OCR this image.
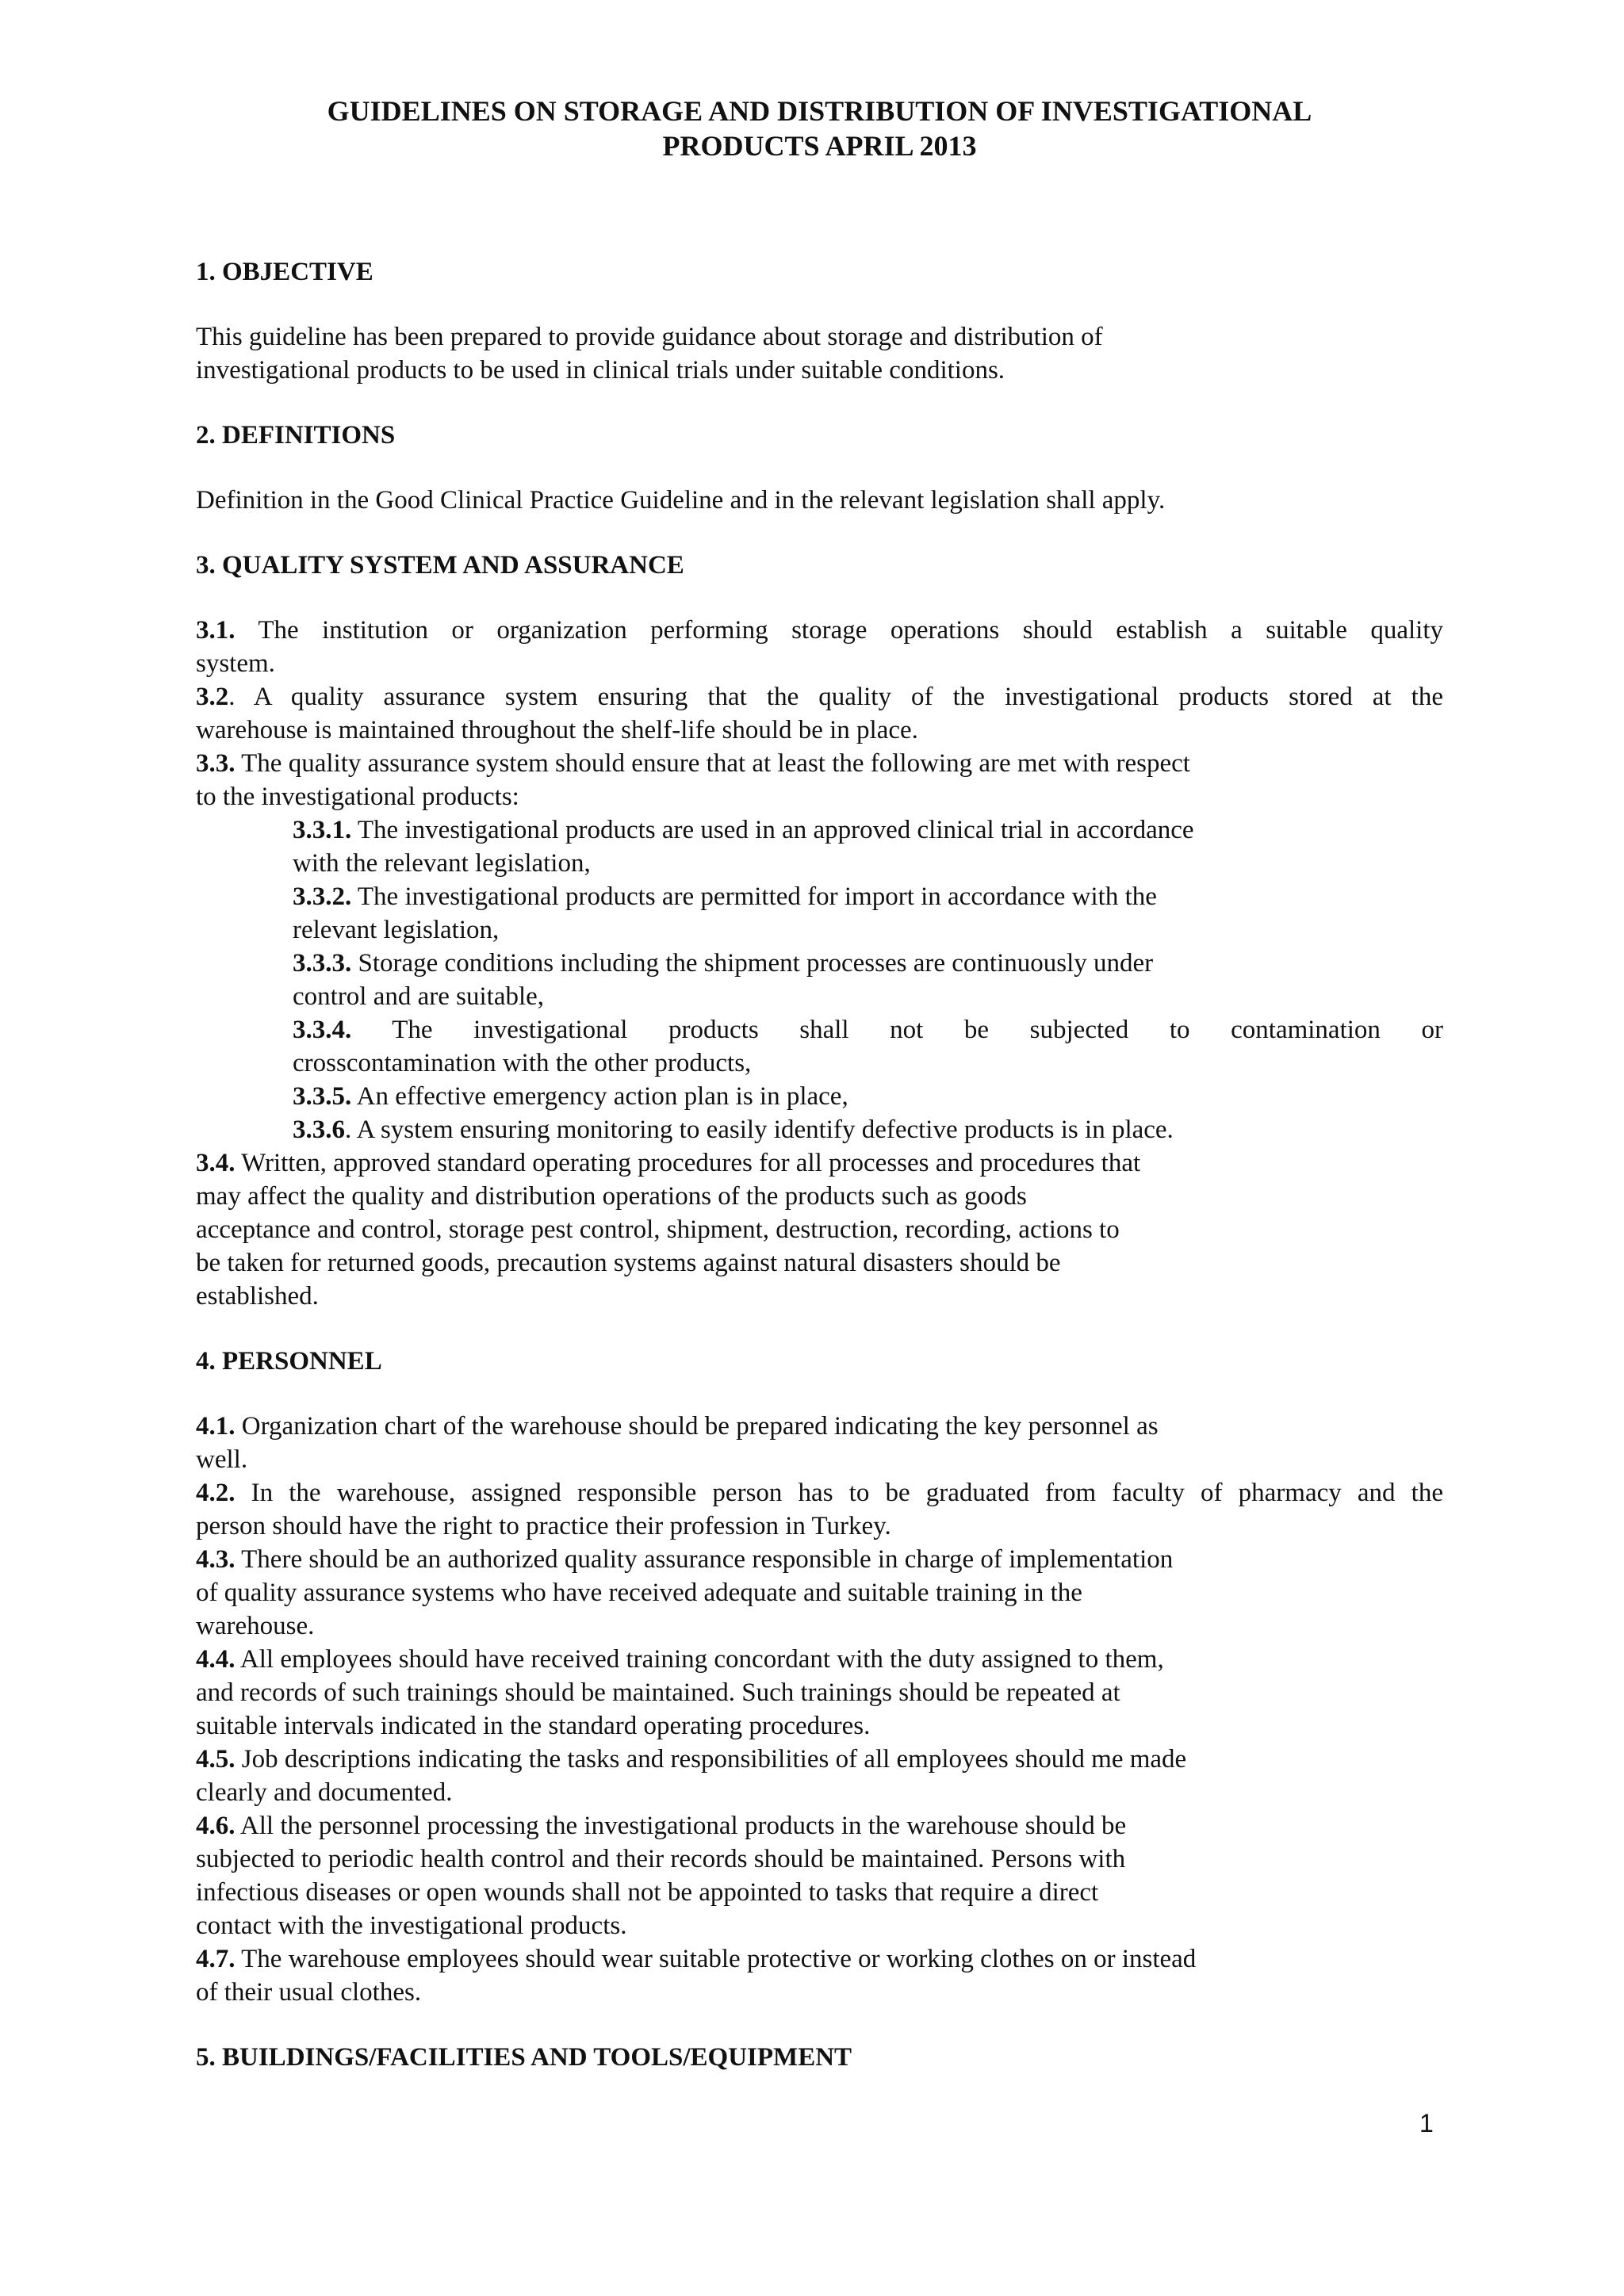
GUIDELINES ON STORAGE AND DISTRIBUTION OF INVESTIGATIONAL
PRODUCTS APRIL 2013
1. OBJECTIVE
This guideline has been prepared to provide guidance about storage and distribution of
investigational products to be used in clinical trials under suitable conditions.
2. DEFINITIONS
Definition in the Good Clinical Practice Guideline and in the relevant legislation shall apply.
3. QUALITY SYSTEM AND ASSURANCE
3.1. The institution or organization performing storage operations should establish a suitable quality
system.
3.2. A quality assurance system ensuring that the quality of the investigational products stored at the
warehouse is maintained throughout the shelf-life should be in place.
3.3. The quality assurance system should ensure that at least the following are met with respect
to the investigational products:
3.3.1. The investigational products are used in an approved clinical trial in accordance
with the relevant legislation,
3.3.2. The investigational products are permitted for import in accordance with the
relevant legislation,
3.3.3. Storage conditions including the shipment processes are continuously under
control and are suitable,
3.3.4. The investigational products shall not be subjected to contamination or
crosscontamination with the other products,
3.3.5. An effective emergency action plan is in place,
3.3.6. A system ensuring monitoring to easily identify defective products is in place.
3.4. Written, approved standard operating procedures for all processes and procedures that
may affect the quality and distribution operations of the products such as goods
acceptance and control, storage pest control, shipment, destruction, recording, actions to
be taken for returned goods, precaution systems against natural disasters should be
established.
4. PERSONNEL
4.1. Organization chart of the warehouse should be prepared indicating the key personnel as
well.
4.2. In the warehouse, assigned responsible person has to be graduated from faculty of pharmacy and the
person should have the right to practice their profession in Turkey.
4.3. There should be an authorized quality assurance responsible in charge of implementation
of quality assurance systems who have received adequate and suitable training in the
warehouse.
4.4. All employees should have received training concordant with the duty assigned to them,
and records of such trainings should be maintained. Such trainings should be repeated at
suitable intervals indicated in the standard operating procedures.
4.5. Job descriptions indicating the tasks and responsibilities of all employees should me made
clearly and documented.
4.6. All the personnel processing the investigational products in the warehouse should be
subjected to periodic health control and their records should be maintained. Persons with
infectious diseases or open wounds shall not be appointed to tasks that require a direct
contact with the investigational products.
4.7. The warehouse employees should wear suitable protective or working clothes on or instead
of their usual clothes.
5. BUILDINGS/FACILITIES AND TOOLS/EQUIPMENT
1
